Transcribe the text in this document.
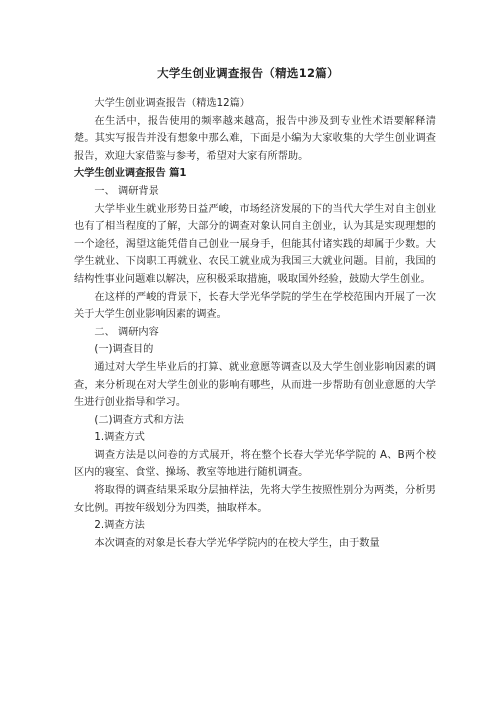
大学生创业调查报告（精选12篇）

大学生创业调查报告（精选12篇）

在生活中，报告使用的频率越来越高，报告中涉及到专业性术语要解释清楚。其实写报告并没有想象中那么难，下面是小编为大家收集的大学生创业调查报告，欢迎大家借鉴与参考，希望对大家有所帮助。

大学生创业调查报告 篇1

一、 调研背景

大学毕业生就业形势日益严峻，市场经济发展的下的当代大学生对自主创业也有了相当程度的了解，大部分的调查对象认同自主创业，认为其是实现理想的一个途径，渴望这能凭借自己创业一展身手，但能其付诸实践的却属于少数。大学生就业、下岗职工再就业、农民工就业成为我国三大就业问题。目前，我国的结构性事业问题难以解决，应积极采取措施，吸取国外经验，鼓励大学生创业。

在这样的严峻的背景下，长春大学光华学院的学生在学校范围内开展了一次关于大学生创业影响因素的调查。

二、 调研内容

(一)调查目的

通过对大学生毕业后的打算、就业意愿等调查以及大学生创业影响因素的调查，来分析现在对大学生创业的影响有哪些，从而进一步帮助有创业意愿的大学生进行创业指导和学习。

(二)调查方式和方法

1.调查方式

调查方法是以问卷的方式展开，将在整个长春大学光华学院的 A、B两个校区内的寝室、食堂、操场、教室等地进行随机调查。

将取得的调查结果采取分层抽样法，先将大学生按照性别分为两类，分析男女比例。再按年级划分为四类，抽取样本。

2.调查方法

本次调查的对象是长春大学光华学院内的在校大学生，由于数量
